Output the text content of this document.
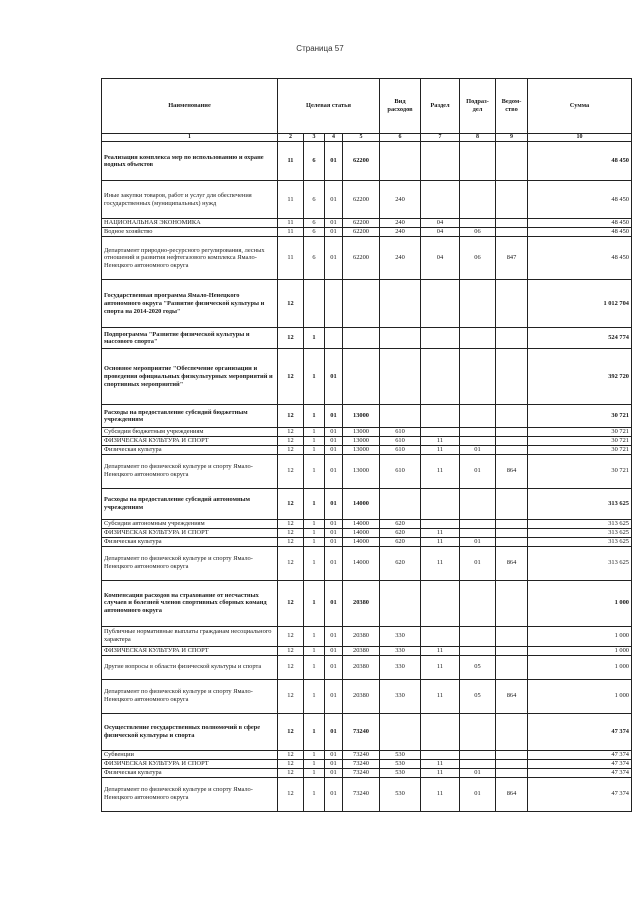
Страница 57
Наименование	Целевая статья				Вид расходов	Раздел	Подраз-дел	Ведом-ство	Сумма
1	2	3	4	5	6	7	8	9	10
Реализация комплекса мер по использованию и охране водных объектов	11	6	01	62200					48 450
Иные закупки товаров, работ и услуг для обеспечения государственных (муниципальных) нужд	11	6	01	62200	240				48 450
НАЦИОНАЛЬНАЯ ЭКОНОМИКА	11	6	01	62200	240	04			48 450
Водное хозяйство	11	6	01	62200	240	04	06		48 450
Департамент природно-ресурсного регулирования, лесных отношений и развития нефтегазового комплекса Ямало-Ненецкого автономного округа	11	6	01	62200	240	04	06	847	48 450
Государственная программа Ямало-Ненецкого автономного округа "Развитие физической культуры и спорта на 2014-2020 годы"	12								1 012 704
Подпрограмма "Развитие физической культуры и массового спорта"	12	1							524 774
Основное мероприятие "Обеспечение организации и проведения официальных физкультурных мероприятий и спортивных мероприятий"	12	1	01						392 720
Расходы на предоставление субсидий бюджетным учреждениям	12	1	01	13000					30 721
Субсидии бюджетным учреждениям	12	1	01	13000	610				30 721
ФИЗИЧЕСКАЯ КУЛЬТУРА И СПОРТ	12	1	01	13000	610	11			30 721
Физическая культура	12	1	01	13000	610	11	01		30 721
Департамент по физической культуре и спорту Ямало-Ненецкого автономного округа	12	1	01	13000	610	11	01	864	30 721
Расходы на предоставление субсидий автономным учреждениям	12	1	01	14000					313 625
Субсидии автономным учреждениям	12	1	01	14000	620				313 625
ФИЗИЧЕСКАЯ КУЛЬТУРА И СПОРТ	12	1	01	14000	620	11			313 625
Физическая культура	12	1	01	14000	620	11	01		313 625
Департамент по физической культуре и спорту Ямало-Ненецкого автономного округа	12	1	01	14000	620	11	01	864	313 625
Компенсация расходов на страхование от несчастных случаев и болезней членов спортивных сборных команд автономного округа	12	1	01	20380					1 000
Публичные нормативные выплаты гражданам несоциального характера	12	1	01	20380	330				1 000
ФИЗИЧЕСКАЯ КУЛЬТУРА И СПОРТ	12	1	01	20380	330	11			1 000
Другие вопросы в области физической культуры и спорта	12	1	01	20380	330	11	05		1 000
Департамент по физической культуре и спорту Ямало-Ненецкого автономного округа	12	1	01	20380	330	11	05	864	1 000
Осуществление государственных полномочий в сфере физической культуры и спорта	12	1	01	73240					47 374
Субвенции	12	1	01	73240	530				47 374
ФИЗИЧЕСКАЯ КУЛЬТУРА И СПОРТ	12	1	01	73240	530	11			47 374
Физическая культура	12	1	01	73240	530	11	01		47 374
Департамент по физической культуре и спорту Ямало-Ненецкого автономного округа	12	1	01	73240	530	11	01	864	47 374
